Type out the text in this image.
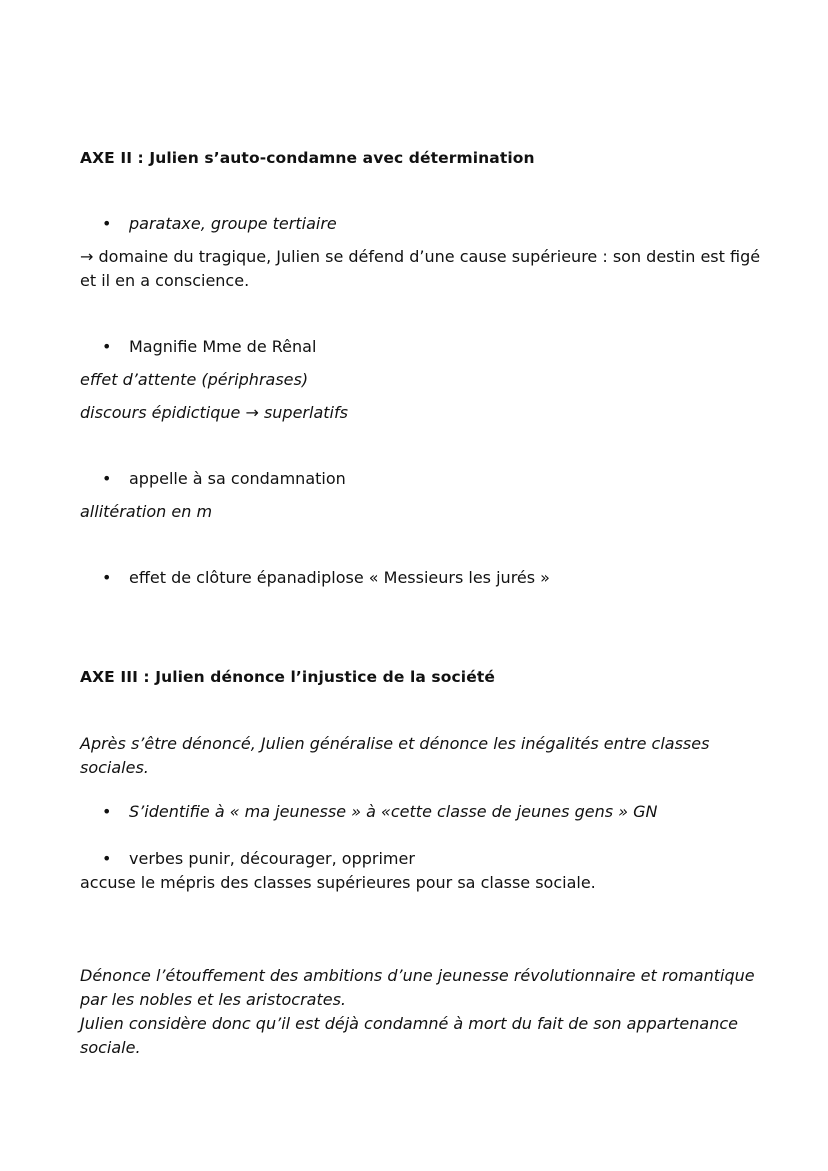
AXE II : Julien s’auto-condamne avec détermination
• parataxe, groupe tertiaire
→ domaine du tragique, Julien se défend d’une cause supérieure : son destin est figé
et il en a conscience.
• Magnifie Mme de Rênal
effet d’attente (périphrases)
discours épidictique → superlatifs
• appelle à sa condamnation
allitération en m
• effet de clôture épanadiplose « Messieurs les jurés »
AXE III : Julien dénonce l’injustice de la société
Après s’être dénoncé, Julien généralise et dénonce les inégalités entre classes
sociales.
• S’identifie à « ma jeunesse » à «cette classe de jeunes gens » GN
• verbes punir, décourager, opprimer
accuse le mépris des classes supérieures pour sa classe sociale.
Dénonce l’étouffement des ambitions d’une jeunesse révolutionnaire et romantique
par les nobles et les aristocrates.
Julien considère donc qu’il est déjà condamné à mort du fait de son appartenance
sociale.
